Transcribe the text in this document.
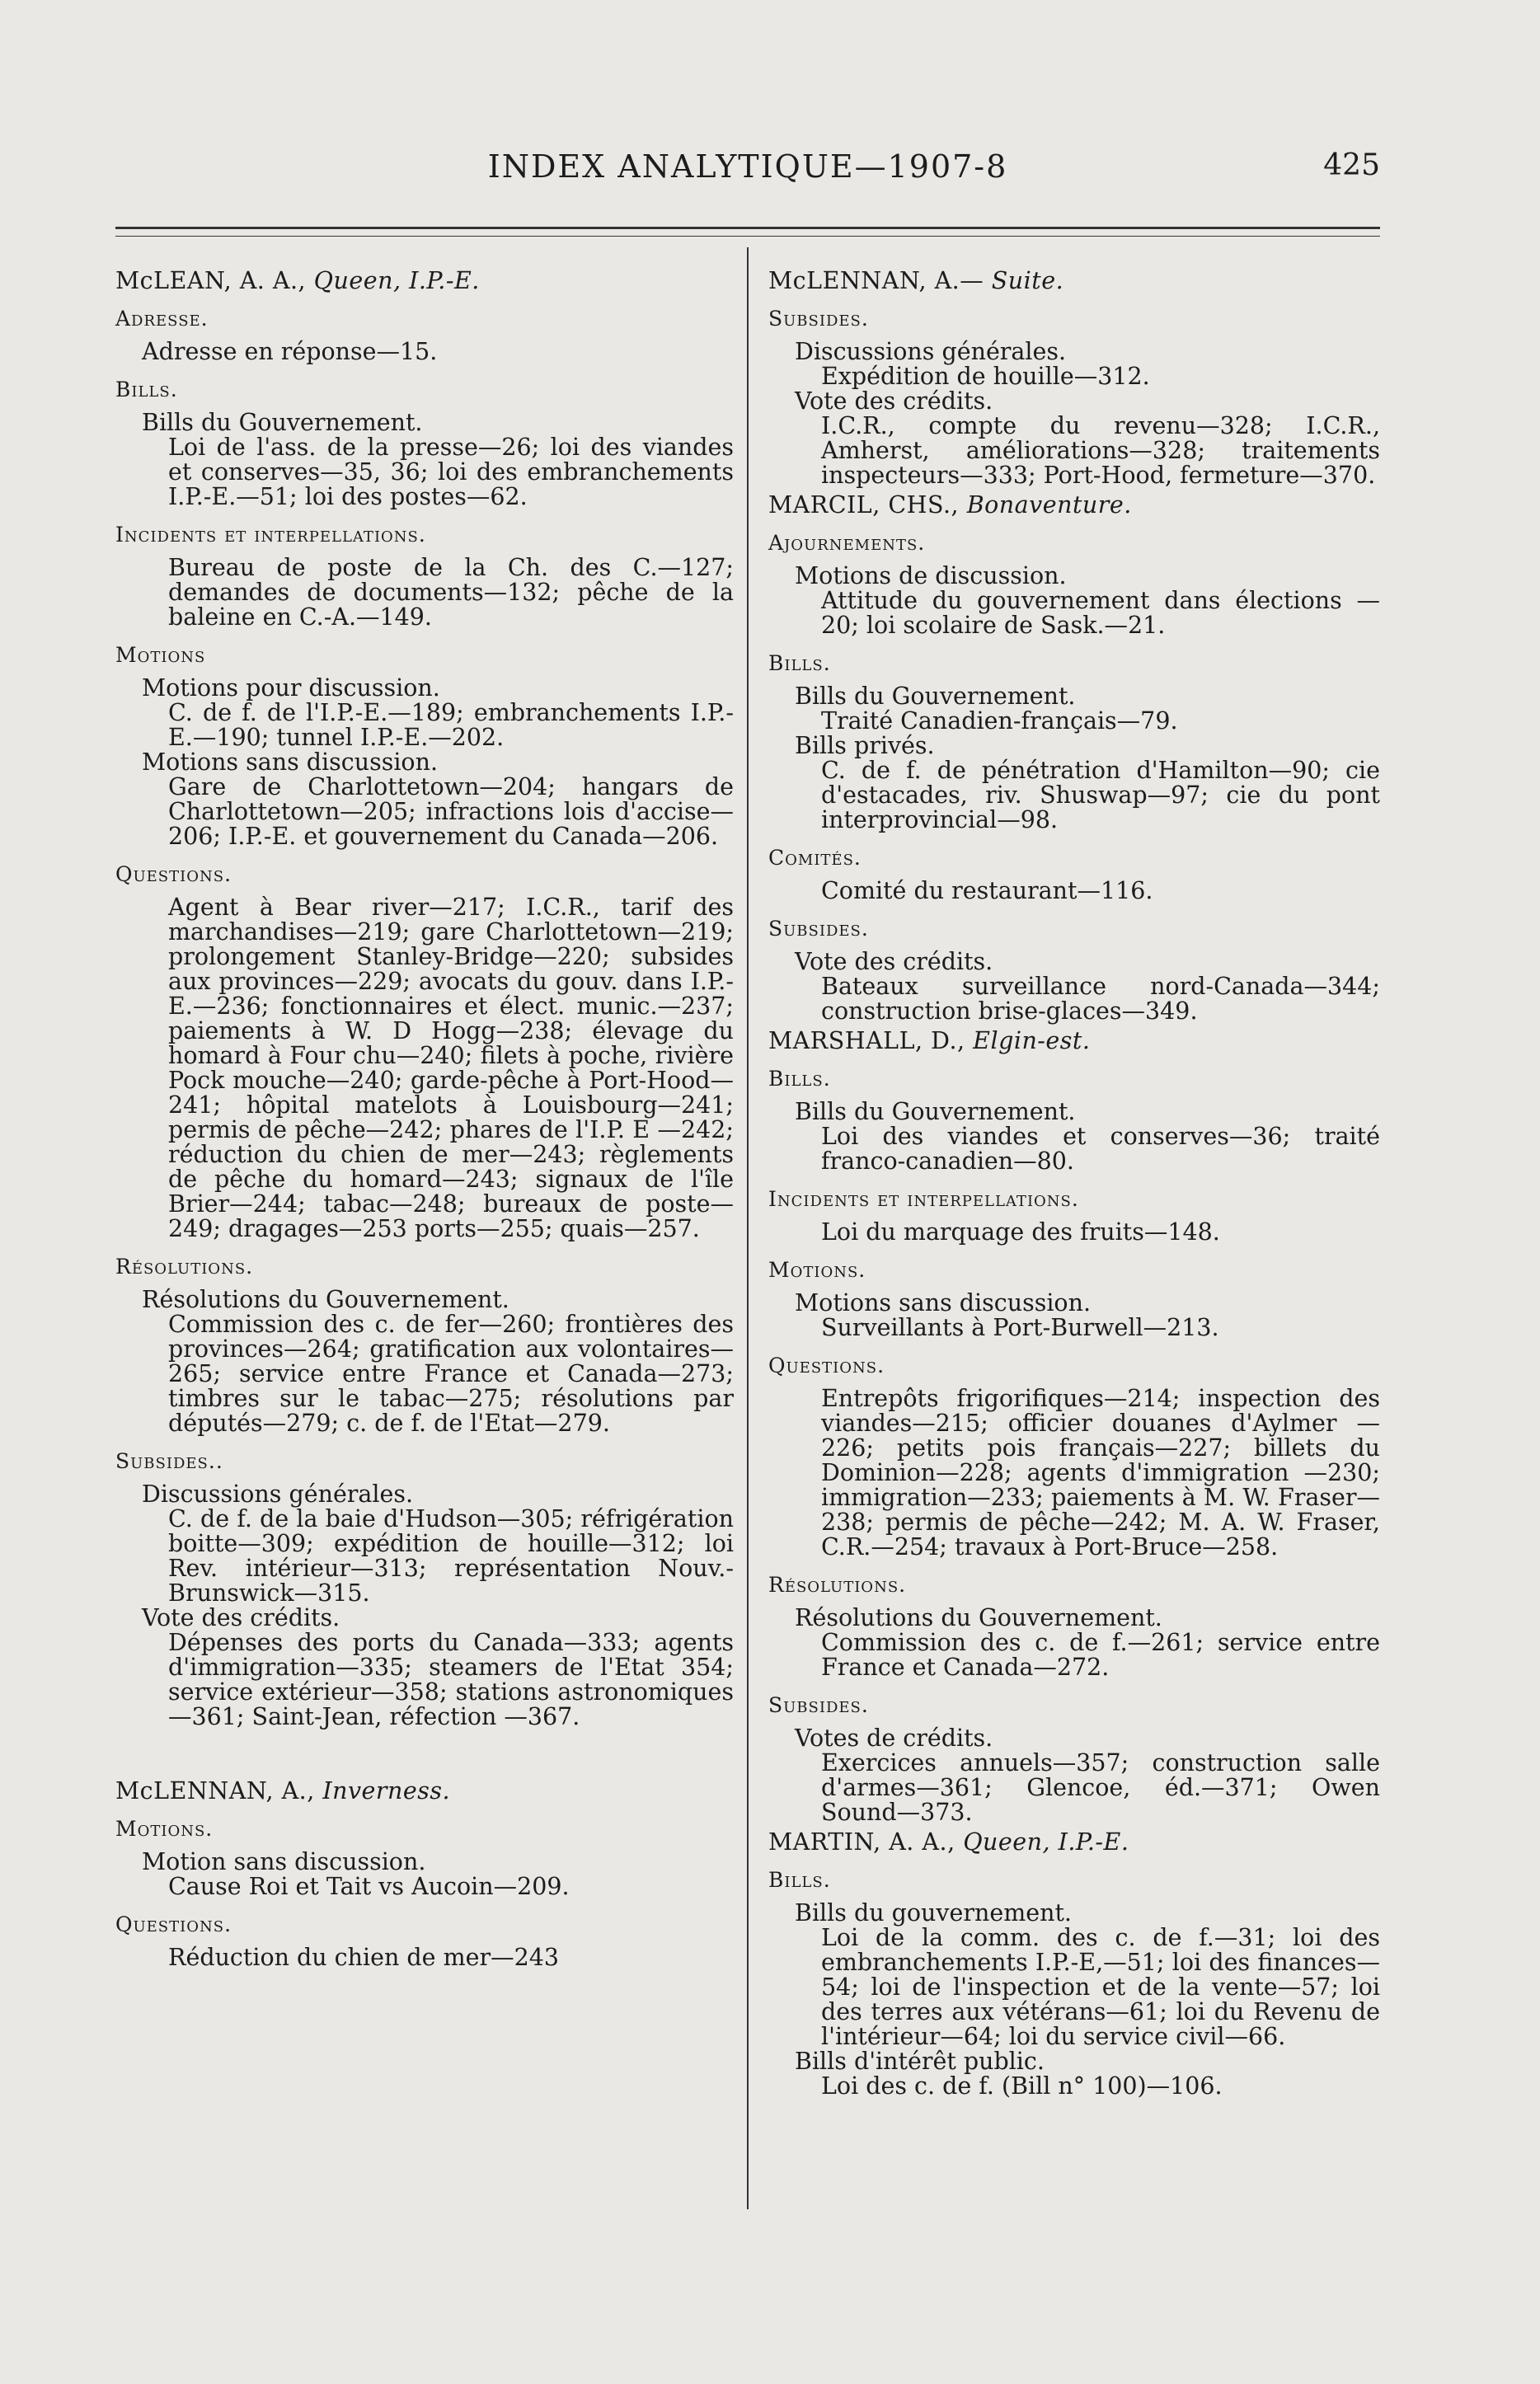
INDEX ANALYTIQUE—1907-8	425
McLEAN, A. A., Queen, I.P.-E.
Adresse.
Adresse en réponse—15.
Bills.
Bills du Gouvernement.
Loi de l'ass. de la presse—26; loi des viandes et conserves—35, 36; loi des embranchements I.P.-E.—51; loi des postes—62.
Incidents et interpellations.
Bureau de poste de la Ch. des C.—127; demandes de documents—132; pêche de la baleine en C.-A.—149.
Motions
Motions pour discussion.
C. de f. de l'I.P.-E.—189; embranchements I.P.-E.—190; tunnel I.P.-E.—202.
Motions sans discussion.
Gare de Charlottetown—204; hangars de Charlottetown—205; infractions lois d'accise—206; I.P.-E. et gouvernement du Canada—206.
Questions.
Agent à Bear river—217; I.C.R., tarif des marchandises—219; gare Charlottetown—219; prolongement Stanley-Bridge—220; subsides aux provinces—229; avocats du gouv. dans I.P.-E.—236; fonctionnaires et élect. munic.—237; paiements à W. D Hogg—238; élevage du homard à Four chu—240; filets à poche, rivière Pock mouche—240; garde-pêche à Port-Hood—241; hôpital matelots à Louisbourg—241; permis de pêche—242; phares de l'I.P. E —242; réduction du chien de mer—243; règlements de pêche du homard—243; signaux de l'île Brier—244; tabac—248; bureaux de poste—249; dragages—253 ports—255; quais—257.
Résolutions.
Résolutions du Gouvernement.
Commission des c. de fer—260; frontières des provinces—264; gratification aux volontaires—265; service entre France et Canada—273; timbres sur le tabac—275; résolutions par députés—279; c. de f. de l'Etat—279.
Subsides..
Discussions générales.
C. de f. de la baie d'Hudson—305; réfrigération boitte—309; expédition de houille—312; loi Rev. intérieur—313; représentation Nouv.-Brunswick—315.
Vote des crédits.
Dépenses des ports du Canada—333; agents d'immigration—335; steamers de l'Etat 354; service extérieur—358; stations astronomiques—361; Saint-Jean, réfection —367.
McLENNAN, A., Inverness.
Motions.
Motion sans discussion.
Cause Roi et Tait vs Aucoin—209.
Questions.
Réduction du chien de mer—243
McLENNAN, A.— Suite.
Subsides.
Discussions générales.
Expédition de houille—312.
Vote des crédits.
I.C.R., compte du revenu—328; I.C.R., Amherst, améliorations—328; traitements inspecteurs—333; Port-Hood, fermeture—370.
MARCIL, CHS., Bonaventure.
Ajournements.
Motions de discussion.
Attitude du gouvernement dans élections —20; loi scolaire de Sask.—21.
Bills.
Bills du Gouvernement.
Traité Canadien-français—79.
Bills privés.
C. de f. de pénétration d'Hamilton—90; cie d'estacades, riv. Shuswap—97; cie du pont interprovincial—98.
Comités.
Comité du restaurant—116.
Subsides.
Vote des crédits.
Bateaux surveillance nord-Canada—344; construction brise-glaces—349.
MARSHALL, D., Elgin-est.
Bills.
Bills du Gouvernement.
Loi des viandes et conserves—36; traité franco-canadien—80.
Incidents et interpellations.
Loi du marquage des fruits—148.
Motions.
Motions sans discussion.
Surveillants à Port-Burwell—213.
Questions.
Entrepôts frigorifiques—214; inspection des viandes—215; officier douanes d'Aylmer —226; petits pois français—227; billets du Dominion—228; agents d'immigration —230; immigration—233; paiements à M. W. Fraser—238; permis de pêche—242; M. A. W. Fraser, C.R.—254; travaux à Port-Bruce—258.
Résolutions.
Résolutions du Gouvernement.
Commission des c. de f.—261; service entre France et Canada—272.
Subsides.
Votes de crédits.
Exercices annuels—357; construction salle d'armes—361; Glencoe, éd.—371; Owen Sound—373.
MARTIN, A. A., Queen, I.P.-E.
Bills.
Bills du gouvernement.
Loi de la comm. des c. de f.—31; loi des embranchements I.P.-E,—51; loi des finances—54; loi de l'inspection et de la vente—57; loi des terres aux vétérans—61; loi du Revenu de l'intérieur—64; loi du service civil—66.
Bills d'intérêt public.
Loi des c. de f. (Bill n° 100)—106.
